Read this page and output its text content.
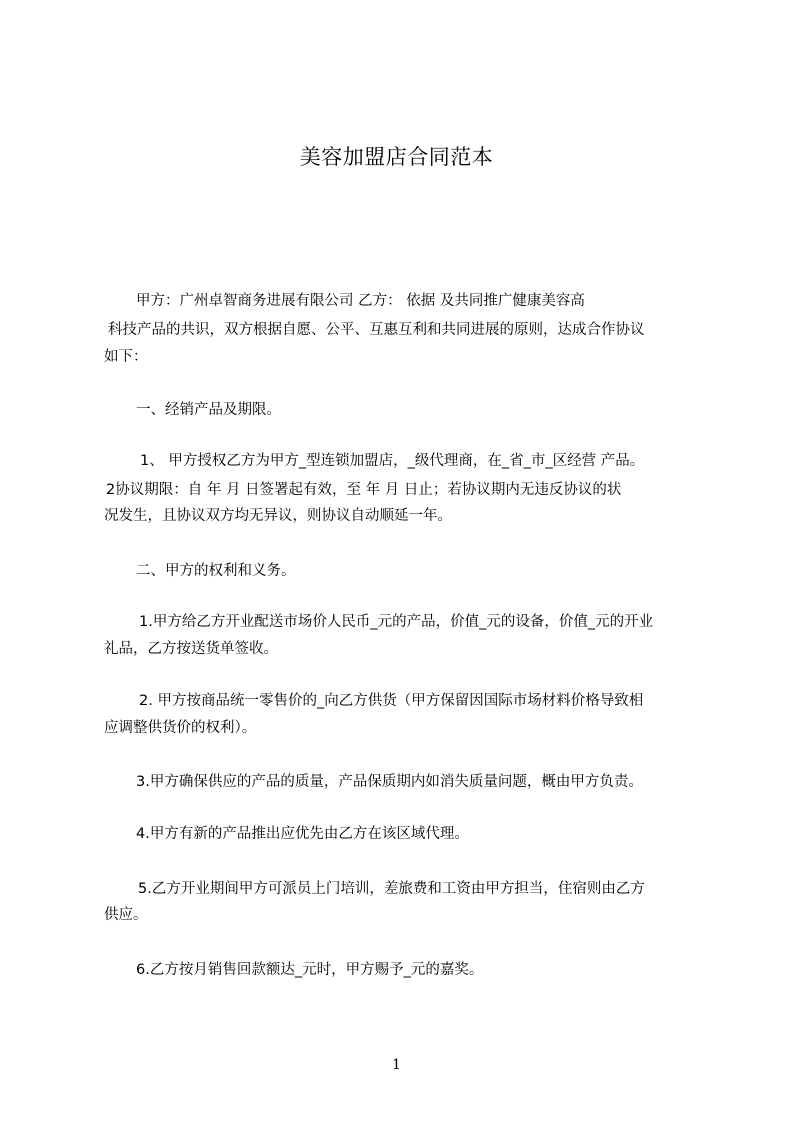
美容加盟店合同范本
甲方：广州卓智商务进展有限公司 乙方： 依据 及共同推广健康美容高
科技产品的共识，双方根据自愿、公平、互惠互利和共同进展的原则，达成合作协议
如下：
一、经销产品及期限。
1、 甲方授权乙方为甲方_型连锁加盟店，_级代理商，在_省_市_区经营 产品。
2协议期限：自 年 月 日签署起有效，至 年 月 日止；若协议期内无违反协议的状
况发生，且协议双方均无异议，则协议自动顺延一年。
二、甲方的权利和义务。
1.甲方给乙方开业配送市场价人民币_元的产品，价值_元的设备，价值_元的开业
礼品，乙方按送货单签收。
2. 甲方按商品统一零售价的_向乙方供货（甲方保留因国际市场材料价格导致相
应调整供货价的权利）。
3.甲方确保供应的产品的质量，产品保质期内如消失质量问题，概由甲方负责。
4.甲方有新的产品推出应优先由乙方在该区域代理。
5.乙方开业期间甲方可派员上门培训，差旅费和工资由甲方担当，住宿则由乙方
供应。
6.乙方按月销售回款额达_元时，甲方赐予_元的嘉奖。
1
